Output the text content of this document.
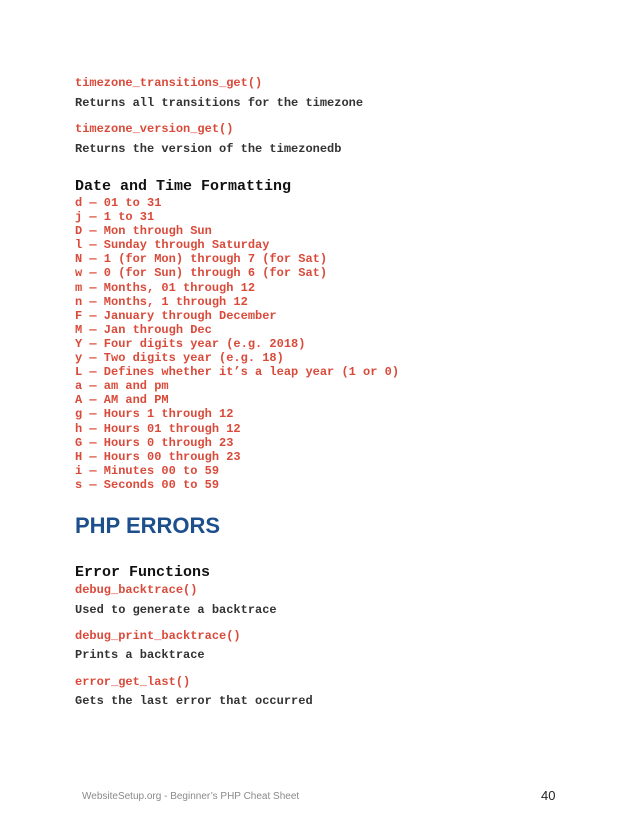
timezone_transitions_get()
Returns all transitions for the timezone
timezone_version_get()
Returns the version of the timezonedb
Date and Time Formatting
d — 01 to 31
j — 1 to 31
D — Mon through Sun
l — Sunday through Saturday
N — 1 (for Mon) through 7 (for Sat)
w — 0 (for Sun) through 6 (for Sat)
m — Months, 01 through 12
n — Months, 1 through 12
F — January through December
M — Jan through Dec
Y — Four digits year (e.g. 2018)
y — Two digits year (e.g. 18)
L — Defines whether it’s a leap year (1 or 0)
a — am and pm
A — AM and PM
g — Hours 1 through 12
h — Hours 01 through 12
G — Hours 0 through 23
H — Hours 00 through 23
i — Minutes 00 to 59
s — Seconds 00 to 59
PHP ERRORS
Error Functions
debug_backtrace()
Used to generate a backtrace
debug_print_backtrace()
Prints a backtrace
error_get_last()
Gets the last error that occurred
WebsiteSetup.org - Beginner’s PHP Cheat Sheet	40
